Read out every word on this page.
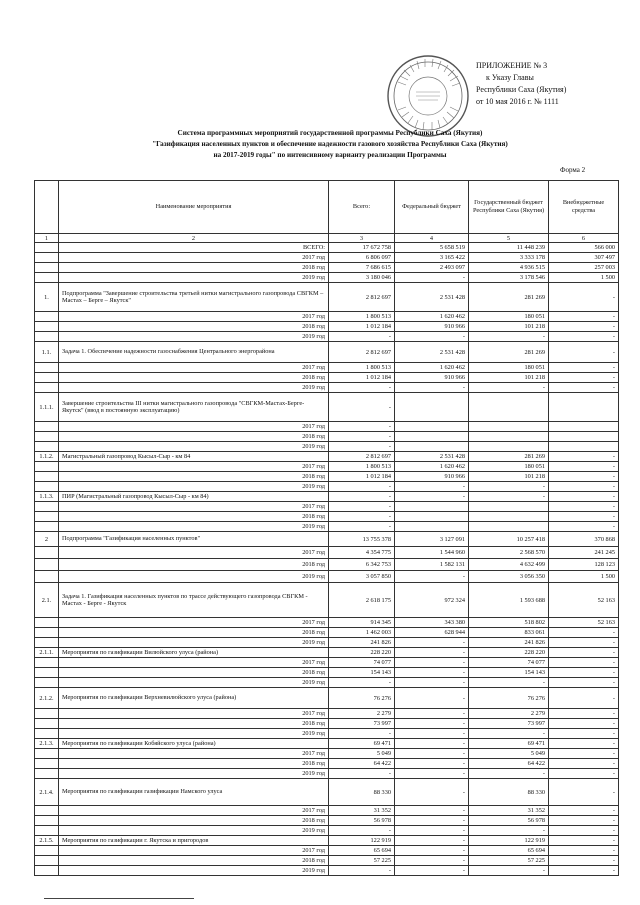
ПРИЛОЖЕНИЕ № 3
к Указу Главы
Республики Саха (Якутия)
от 10 мая 2016 г. № 1111
Система программных мероприятий государственной программы Республики Саха (Якутия)
"Газификация населенных пунктов и обеспечение надежности газового хозяйства Республики Саха (Якутия)
на 2017-2019 годы" по интенсивному варианту реализации Программы
Форма 2
	Наименование мероприятия	Всего:	Федеральный бюджет	Государственный бюджет Республики Саха (Якутия)	Внебюджетные средства
1	2	3	4	5	6
	ВСЕГО:	17 672 758	5 658 519	11 448 239	566 000
	2017 год	6 806 097	3 165 422	3 333 178	307 497
	2018 год	7 686 615	2 493 097	4 936 515	257 003
	2019 год	3 180 046	-	3 178 546	1 500
1.	Подпрограмма "Завершение строительства третьей нитки магистрального газопровода СВГКМ – Мастах – Берге – Якутск"	2 812 697	2 531 428	281 269	-
	2017 год	1 800 513	1 620 462	180 051	-
	2018 год	1 012 184	910 966	101 218	-
	2019 год	-	-	-	-
1.1.	Задача 1. Обеспечение надежности газоснабжения Центрального энергорайона	2 812 697	2 531 428	281 269	-
	2017 год	1 800 513	1 620 462	180 051	-
	2018 год	1 012 184	910 966	101 218	-
	2019 год	-	-	-	-
1.1.1.	Завершение строительства III нитки магистрального газопровода "СВГКМ-Мастах-Берге-Якутск" (ввод в постоянную эксплуатацию)	-			
	2017 год	-			
	2018 год	-			
	2019 год	-			
1.1.2.	Магистральный газопровод Кысыл-Сыр - км 84	2 812 697	2 531 428	281 269	-
	2017 год	1 800 513	1 620 462	180 051	-
	2018 год	1 012 184	910 966	101 218	-
	2019 год	-	-	-	-
1.1.3.	ПИР (Магистральный газопровод Кысыл-Сыр - км 84)	-	-	-	-
	2017 год	-			-
	2018 год	-			-
	2019 год	-			-
2	Подпрограмма "Газификация населенных пунктов"	13 755 378	3 127 091	10 257 418	370 868
	2017 год	4 354 775	1 544 960	2 568 570	241 245
	2018 год	6 342 753	1 582 131	4 632 499	128 123
	2019 год	3 057 850	-	3 056 350	1 500
2.1.	Задача 1. Газификация населенных пунктов по трассе действующего газопровода СВГКМ - Мастах - Берге - Якутск	2 618 175	972 324	1 593 688	52 163
	2017 год	914 345	343 380	518 802	52 163
	2018 год	1 462 003	628 944	833 061	-
	2019 год	241 826	-	241 826	-
2.1.1.	Мероприятия по газификации Вилюйского улуса (района)	228 220	-	228 220	-
	2017 год	74 077	-	74 077	-
	2018 год	154 143	-	154 143	-
	2019 год	-	-	-	-
2.1.2.	Мероприятия по газификации Верхневилюйского улуса (района)	76 276	-	76 276	-
	2017 год	2 279	-	2 279	-
	2018 год	73 997	-	73 997	-
	2019 год	-	-	-	-
2.1.3.	Мероприятия по газификации Кобяйского улуса (района)	69 471	-	69 471	-
	2017 год	5 049	-	5 049	-
	2018 год	64 422	-	64 422	-
	2019 год	-	-	-	-
2.1.4.	Мероприятия по газификации газификации Намского улуса	88 330	-	88 330	-
	2017 год	31 352	-	31 352	-
	2018 год	56 978	-	56 978	-
	2019 год	-	-	-	-
2.1.5.	Мероприятия по газификации г. Якутска и пригородов	122 919	-	122 919	-
	2017 год	65 694	-	65 694	-
	2018 год	57 225	-	57 225	-
	2019 год	-	-	-	-
